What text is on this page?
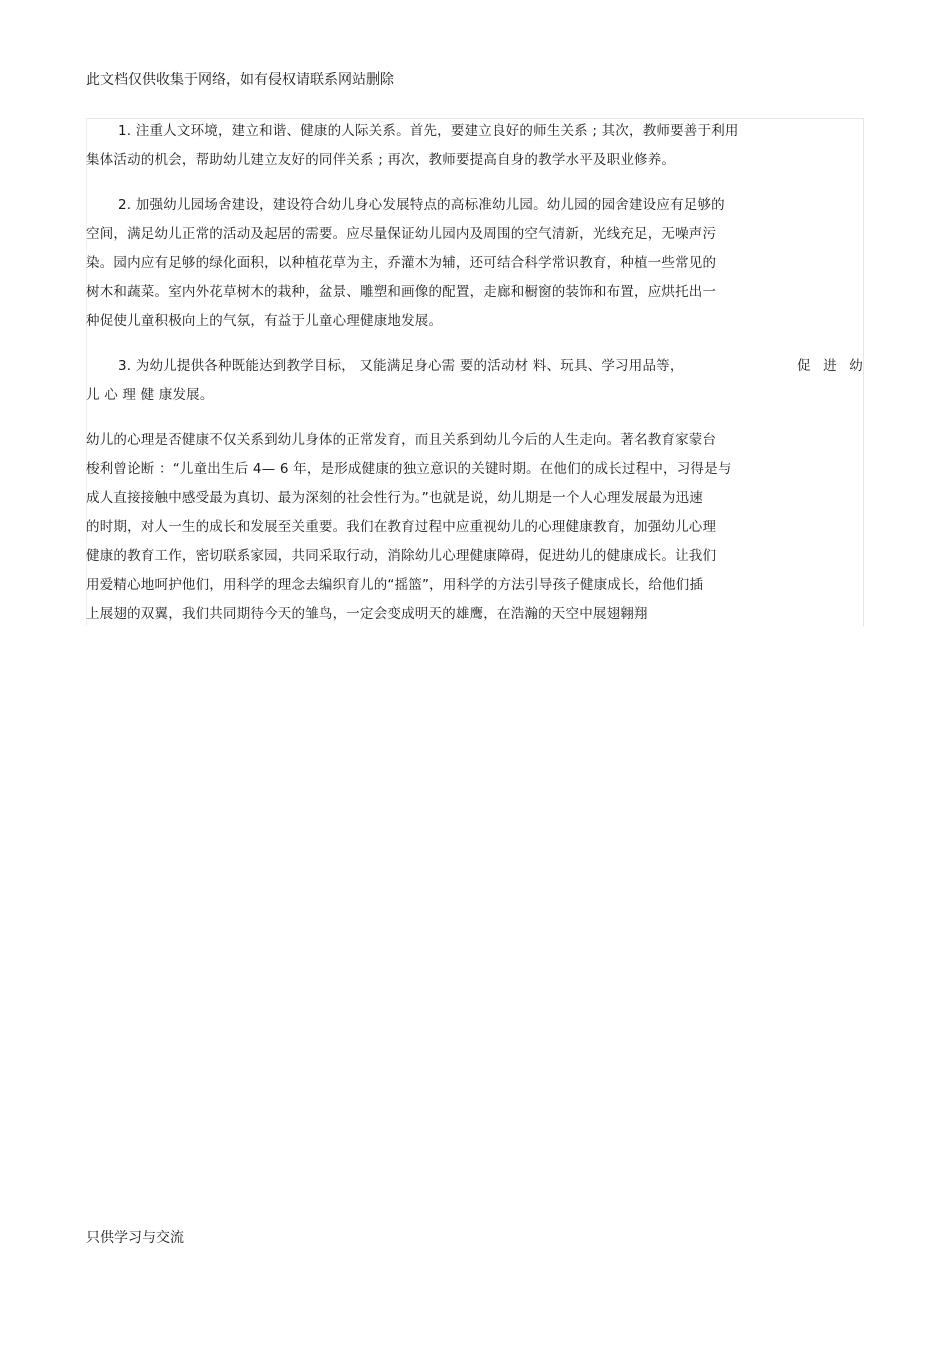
此文档仅供收集于网络，如有侵权请联系网站删除
1. 注重人文环境，建立和谐、健康的人际关系。首先，要建立良好的师生关系 ; 其次，教师要善于利用
集体活动的机会，帮助幼儿建立友好的同伴关系 ; 再次，教师要提高自身的教学水平及职业修养。
2. 加强幼儿园场舍建设，建设符合幼儿身心发展特点的高标准幼儿园。幼儿园的园舍建设应有足够的
空间，满足幼儿正常的活动及起居的需要。应尽量保证幼儿园内及周围的空气清新，光线充足，无噪声污
染。园内应有足够的绿化面积，以种植花草为主，乔灌木为辅，还可结合科学常识教育，种植一些常见的
树木和蔬菜。室内外花草树木的栽种，盆景、雕塑和画像的配置，走廊和橱窗的装饰和布置，应烘托出一
种促使儿童积极向上的气氛，有益于儿童心理健康地发展。
3. 为幼儿提供各种既能达到教学目标， 又能满足身心需 要的活动材 料、玩具、学习用品等，	促 进 幼
儿 心 理 健 康发展。
幼儿的心理是否健康不仅关系到幼儿身体的正常发育，而且关系到幼儿今后的人生走向。著名教育家蒙台
梭利曾论断 ：“儿童出生后 4— 6 年，是形成健康的独立意识的关键时期。在他们的成长过程中，习得是与
成人直接接触中感受最为真切、最为深刻的社会性行为。”也就是说，幼儿期是一个人心理发展最为迅速
的时期，对人一生的成长和发展至关重要。我们在教育过程中应重视幼儿的心理健康教育，加强幼儿心理
健康的教育工作，密切联系家园，共同采取行动，消除幼儿心理健康障碍，促进幼儿的健康成长。让我们
用爱精心地呵护他们，用科学的理念去编织育儿的“摇篮”，用科学的方法引导孩子健康成长，给他们插
上展翅的双翼，我们共同期待今天的雏鸟，一定会变成明天的雄鹰，在浩瀚的天空中展翅翱翔
只供学习与交流
